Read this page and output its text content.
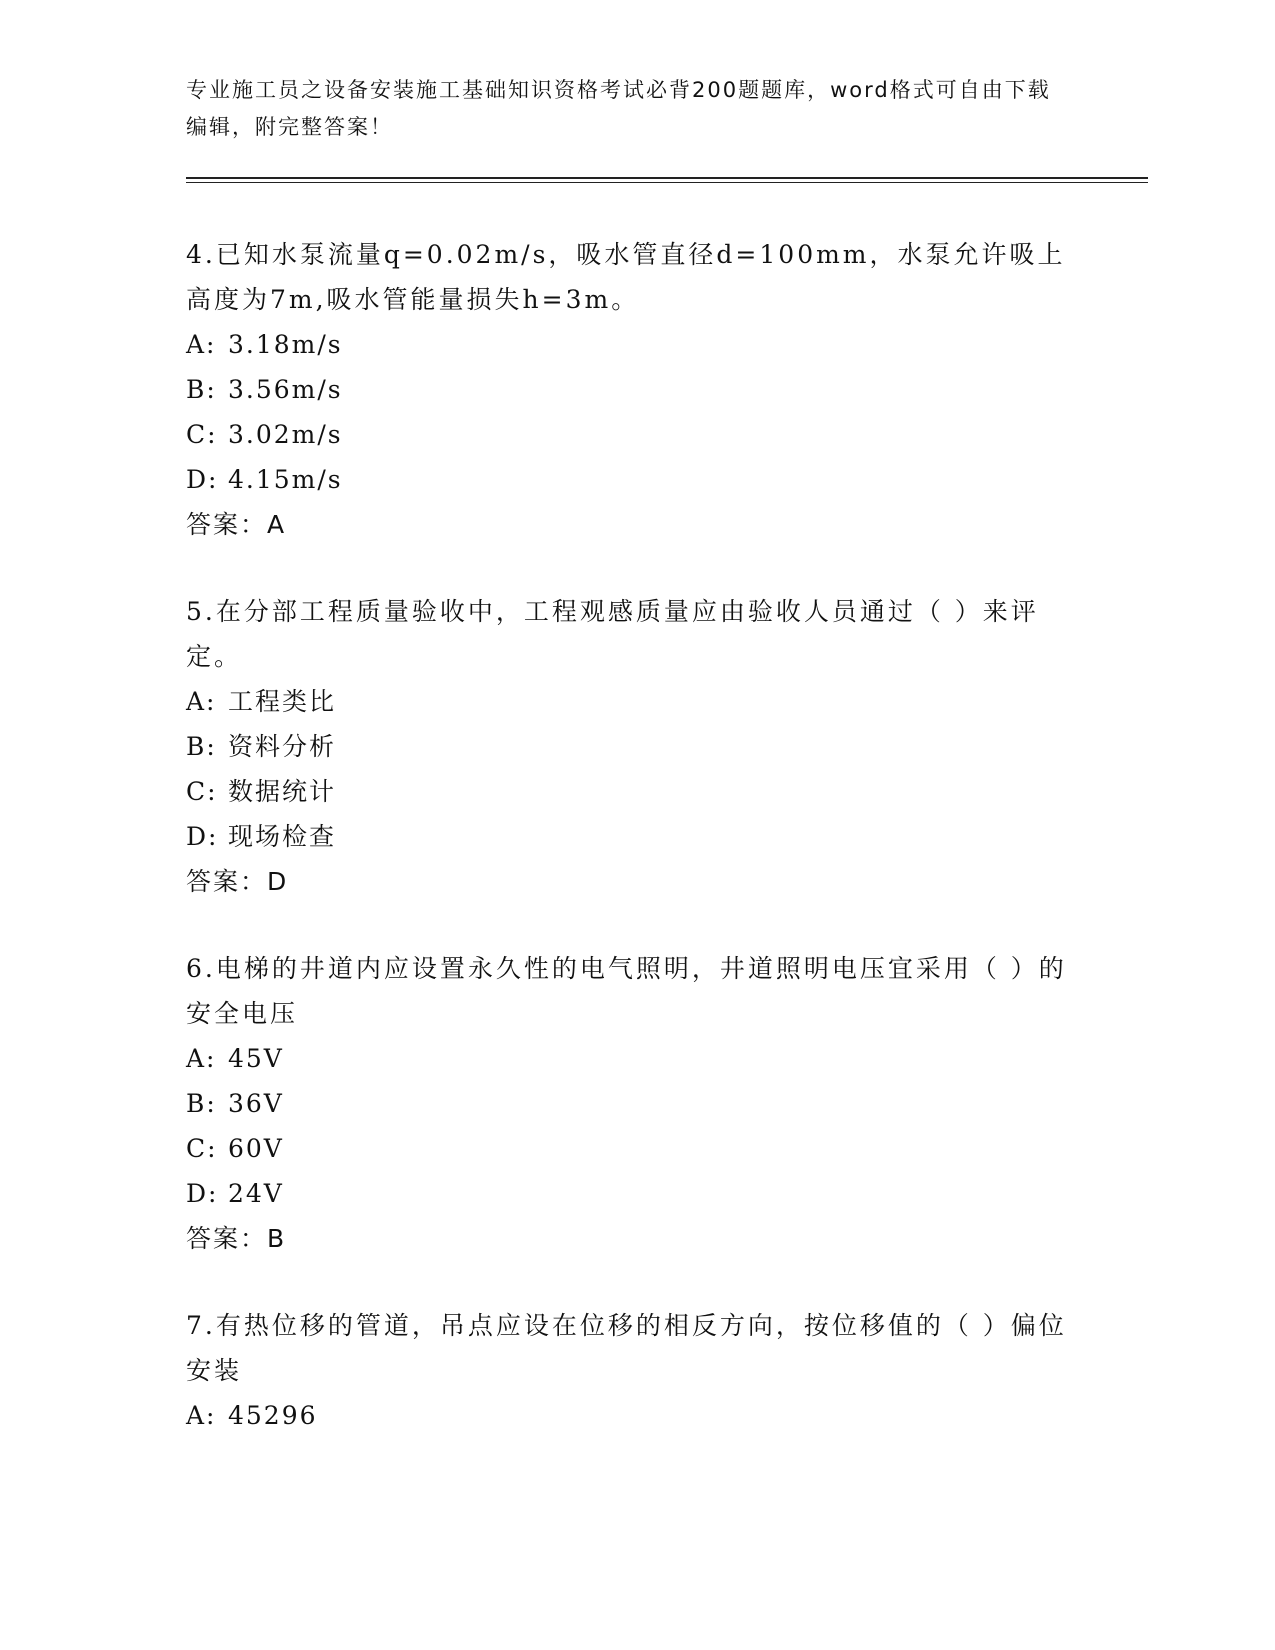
专业施工员之设备安装施工基础知识资格考试必背200题题库，word格式可自由下载编辑，附完整答案！

4.已知水泵流量q=0.02m/s，吸水管直径d=100mm，水泵允许吸上高度为7m,吸水管能量损失h=3m。

A: 3.18m/s
B: 3.56m/s
C: 3.02m/s
D: 4.15m/s
答案：A

5.在分部工程质量验收中，工程观感质量应由验收人员通过（ ）来评定。

A: 工程类比
B: 资料分析
C: 数据统计
D: 现场检查
答案：D

6.电梯的井道内应设置永久性的电气照明，井道照明电压宜采用（ ）的安全电压

A: 45V
B: 36V
C: 60V
D: 24V
答案：B

7.有热位移的管道，吊点应设在位移的相反方向，按位移值的（ ）偏位安装

A: 45296
